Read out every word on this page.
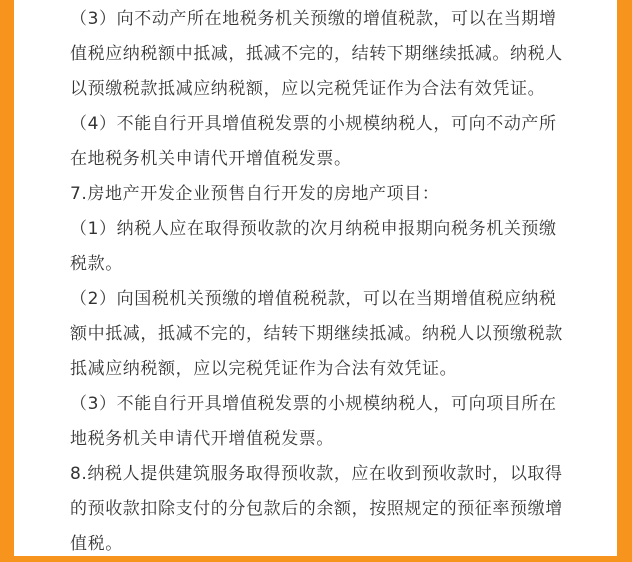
（3）向不动产所在地税务机关预缴的增值税款，可以在当期增值税应纳税额中抵减，抵减不完的，结转下期继续抵减。纳税人以预缴税款抵减应纳税额，应以完税凭证作为合法有效凭证。

（4）不能自行开具增值税发票的小规模纳税人，可向不动产所在地税务机关申请代开增值税发票。

7.房地产开发企业预售自行开发的房地产项目：

（1）纳税人应在取得预收款的次月纳税申报期向税务机关预缴税款。

（2）向国税机关预缴的增值税税款，可以在当期增值税应纳税额中抵减，抵减不完的，结转下期继续抵减。纳税人以预缴税款抵减应纳税额，应以完税凭证作为合法有效凭证。

（3）不能自行开具增值税发票的小规模纳税人，可向项目所在地税务机关申请代开增值税发票。

8.纳税人提供建筑服务取得预收款，应在收到预收款时，以取得的预收款扣除支付的分包款后的余额，按照规定的预征率预缴增值税。
